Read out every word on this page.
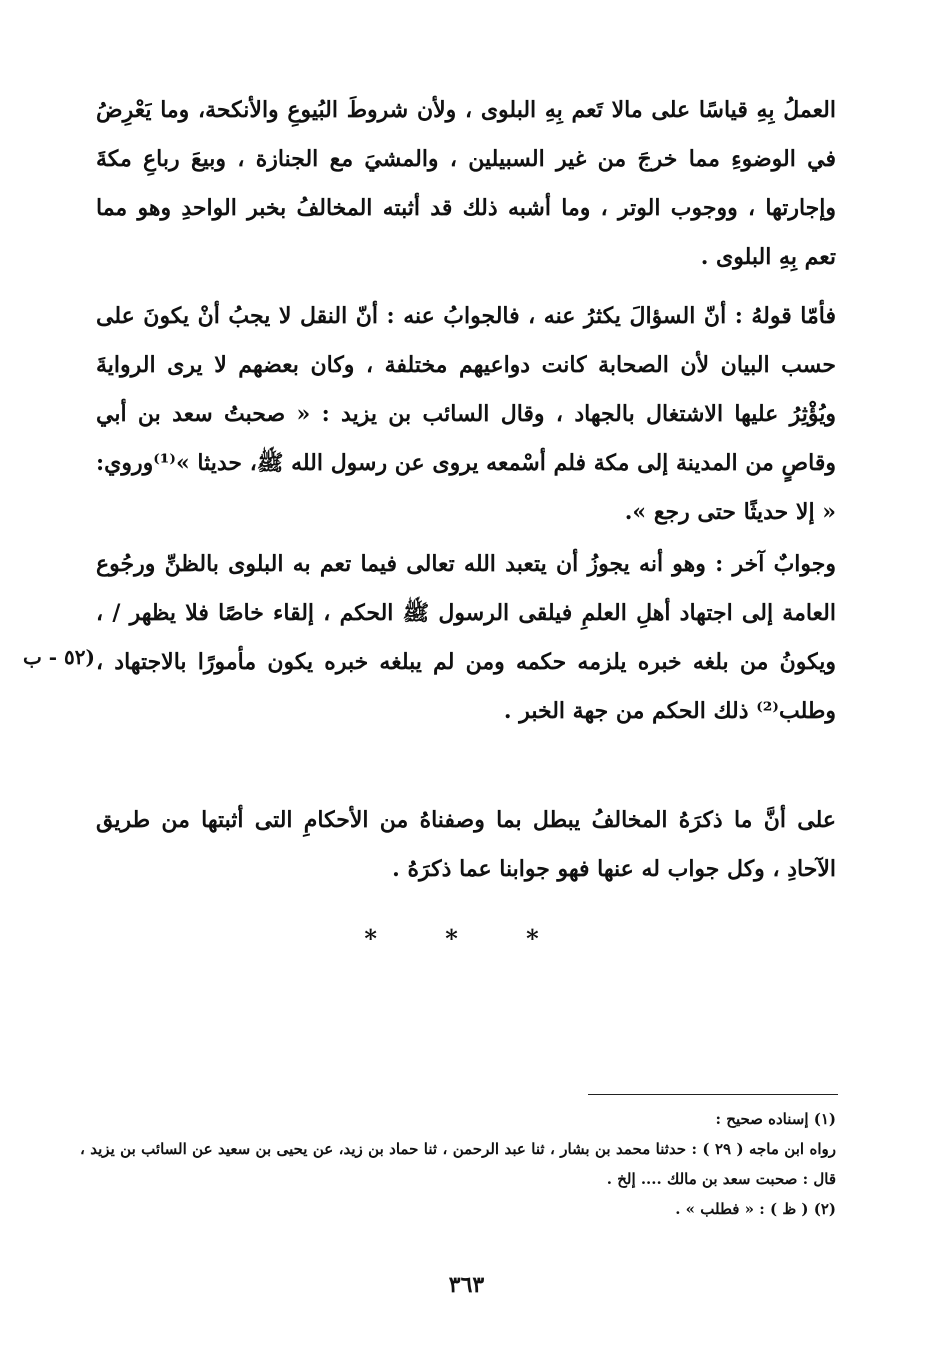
العملُ بِهِ قياسًا على مالا تَعم بِهِ البلوى ، ولأن شروطَ البُيوعِ والأنكحة، وما يَعْرِضُ في الوضوءِ مما خرجَ من غير السبيلين ، والمشيَ مع الجنازة ، وبيعَ رباعِ مكةَ وإجارتها ، ووجوب الوتر ، وما أشبه ذلك قد أثبته المخالفُ بخبر الواحدِ وهو مما تعم بِهِ البلوى .

فأمّا قولهُ : أنّ السؤالَ يكثرُ عنه ، فالجوابُ عنه : أنّ النقل لا يجبُ أنْ يكونَ على حسب البيان لأن الصحابة كانت دواعيهم مختلفة ، وكان بعضهم لا يرى الروايةَ ويُؤْثِرُ عليها الاشتغال بالجهاد ، وقال السائب بن يزيد : « صحبتُ سعد بن أبي وقاصٍ من المدينة إلى مكة فلم أسْمعه يروى عن رسول الله ﷺ، حديثا »⁽¹⁾وروي: « إلا حديثًا حتى رجع ».

وجوابٌ آخر : وهو أنه يجوزُ أن يتعبد الله تعالى فيما تعم به البلوى بالظنِّ ورجُوع العامة إلى اجتهاد أهلِ العلمِ فيلقى الرسول ﷺ الحكم ، إلقاء خاصًا فلا يظهر / ، ويكونُ من بلغه خبره يلزمه حكمه ومن لم يبلغه خبره يكون مأمورًا بالاجتهاد ، وطلب⁽²⁾ ذلك الحكم من جهة الخبر .

(٥٢ - ب

على أنَّ ما ذكرَهُ المخالفُ يبطل بما وصفناهُ من الأحكامِ التى أثبتها من طريق الآحادِ ، وكل جواب له عنها فهو جوابنا عما ذكرَهُ .

* * *

(١) إسناده صحيح :

رواه ابن ماجه ( ٢٩ ) : حدثنا محمد بن بشار ، ثنا عبد الرحمن ، ثنا حماد بن زيد، عن يحيى بن سعيد عن السائب بن يزيد ، قال : صحبت سعد بن مالك .... إلخ .

(٢) ( ظ ) : « فطلب » .

٣٦٣
